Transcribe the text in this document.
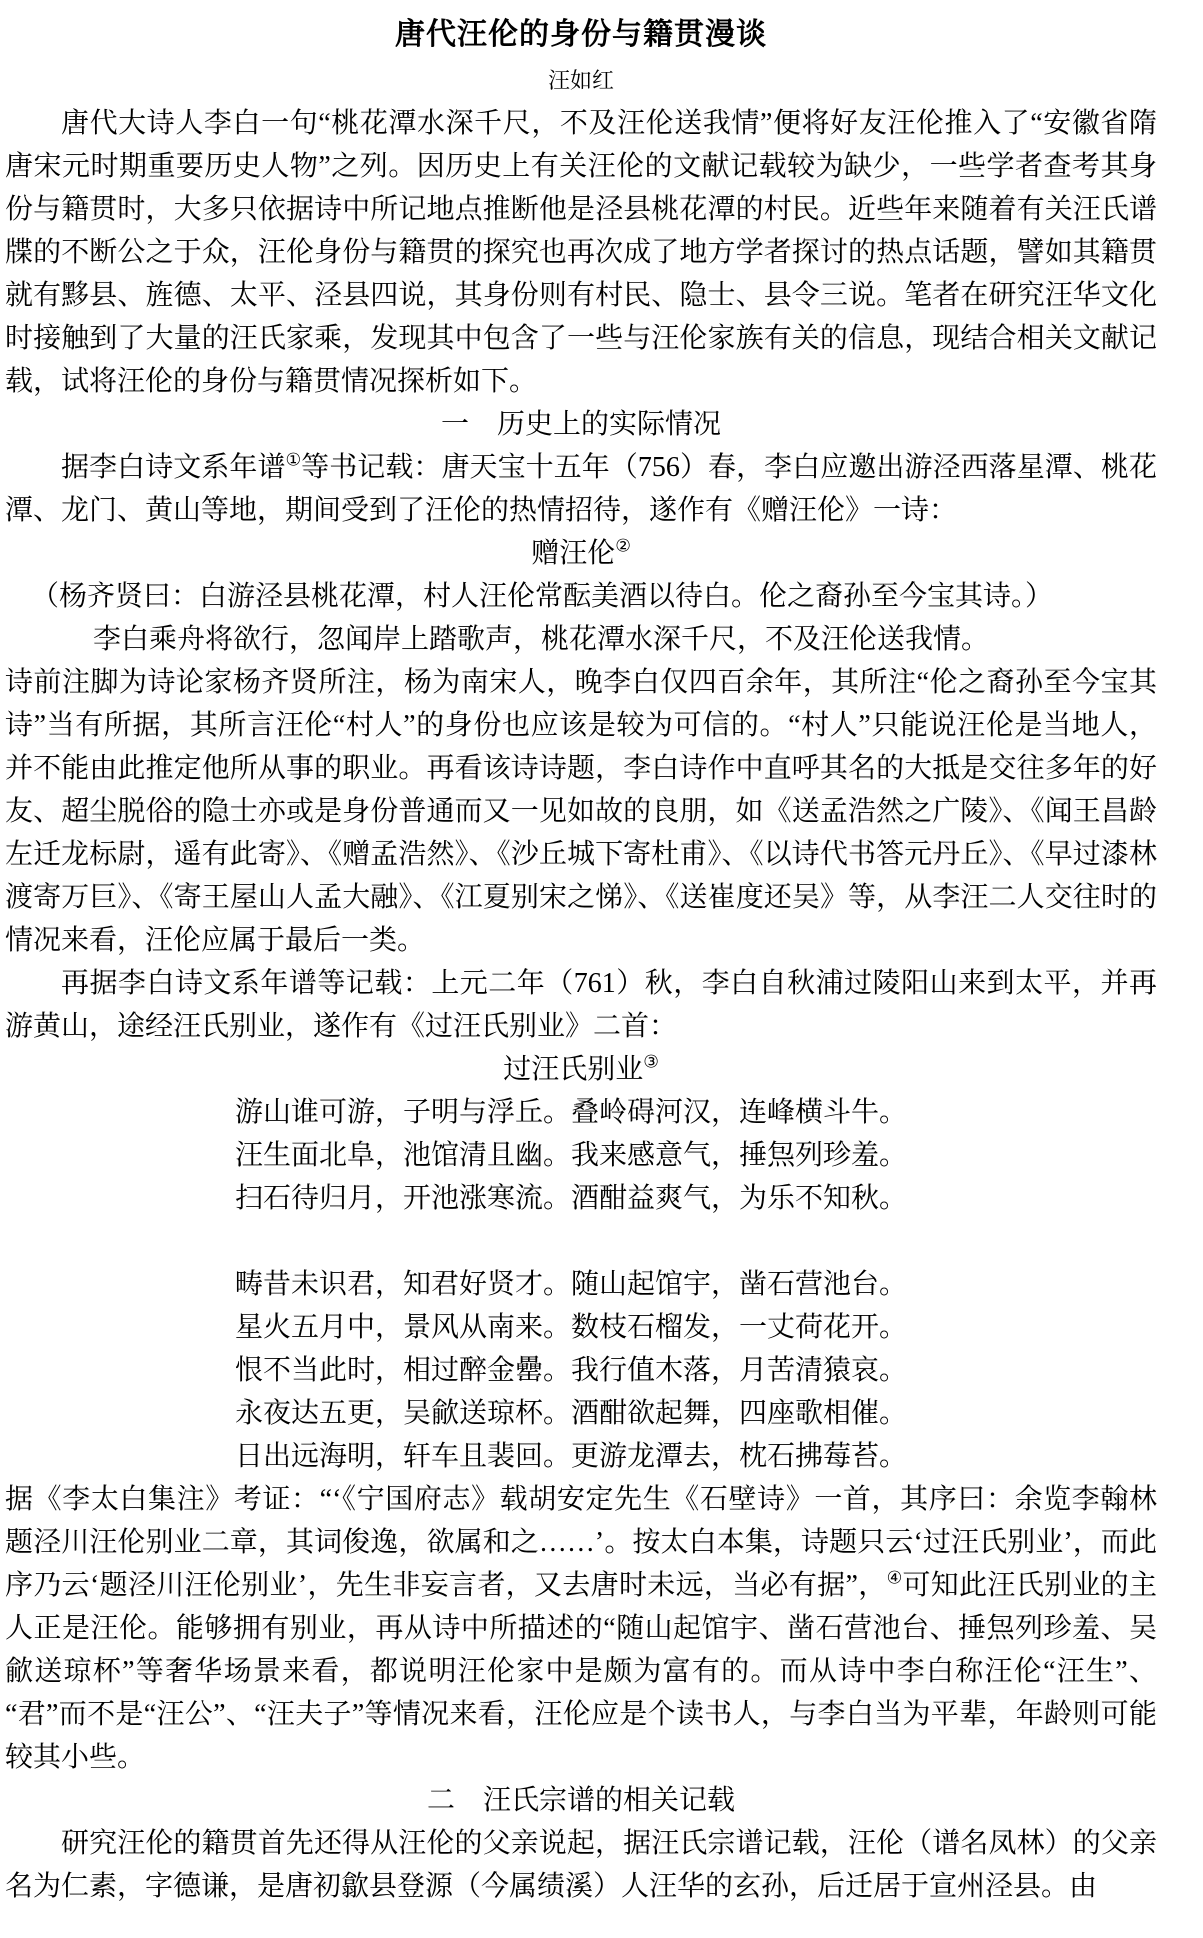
唐代汪伦的身份与籍贯漫谈
汪如红
唐代大诗人李白一句“桃花潭水深千尺，不及汪伦送我情”便将好友汪伦推入了“安徽省隋唐宋元时期重要历史人物”之列。因历史上有关汪伦的文献记载较为缺少，一些学者查考其身份与籍贯时，大多只依据诗中所记地点推断他是泾县桃花潭的村民。近些年来随着有关汪氏谱牒的不断公之于众，汪伦身份与籍贯的探究也再次成了地方学者探讨的热点话题，譬如其籍贯就有黟县、旌德、太平、泾县四说，其身份则有村民、隐士、县令三说。笔者在研究汪华文化时接触到了大量的汪氏家乘，发现其中包含了一些与汪伦家族有关的信息，现结合相关文献记载，试将汪伦的身份与籍贯情况探析如下。
一　历史上的实际情况
据李白诗文系年谱①等书记载：唐天宝十五年（756）春，李白应邀出游泾西落星潭、桃花潭、龙门、黄山等地，期间受到了汪伦的热情招待，遂作有《赠汪伦》一诗：
赠汪伦②
（杨齐贤曰：白游泾县桃花潭，村人汪伦常酝美酒以待白。伦之裔孙至今宝其诗。）
李白乘舟将欲行，忽闻岸上踏歌声，桃花潭水深千尺，不及汪伦送我情。
诗前注脚为诗论家杨齐贤所注，杨为南宋人，晚李白仅四百余年，其所注“伦之裔孙至今宝其诗”当有所据，其所言汪伦“村人”的身份也应该是较为可信的。“村人”只能说汪伦是当地人，并不能由此推定他所从事的职业。再看该诗诗题，李白诗作中直呼其名的大抵是交往多年的好友、超尘脱俗的隐士亦或是身份普通而又一见如故的良朋，如《送孟浩然之广陵》、《闻王昌龄左迁龙标尉，遥有此寄》、《赠孟浩然》、《沙丘城下寄杜甫》、《以诗代书答元丹丘》、《早过漆林渡寄万巨》、《寄王屋山人孟大融》、《江夏别宋之悌》、《送崔度还吴》等，从李汪二人交往时的情况来看，汪伦应属于最后一类。
再据李白诗文系年谱等记载：上元二年（761）秋，李白自秋浦过陵阳山来到太平，并再游黄山，途经汪氏别业，遂作有《过汪氏别业》二首：
过汪氏别业③
游山谁可游，子明与浮丘。叠岭碍河汉，连峰横斗牛。
汪生面北阜，池馆清且幽。我来感意气，捶炰列珍羞。
扫石待归月，开池涨寒流。酒酣益爽气，为乐不知秋。
畴昔未识君，知君好贤才。随山起馆宇，凿石营池台。
星火五月中，景风从南来。数枝石榴发，一丈荷花开。
恨不当此时，相过醉金罍。我行值木落，月苦清猿哀。
永夜达五更，吴歈送琼杯。酒酣欲起舞，四座歌相催。
日出远海明，轩车且裴回。更游龙潭去，枕石拂莓苔。
据《李太白集注》考证：“‘《宁国府志》载胡安定先生《石壁诗》一首，其序曰：余览李翰林题泾川汪伦别业二章，其词俊逸，欲属和之……’。按太白本集，诗题只云‘过汪氏别业’，而此序乃云‘题泾川汪伦别业’，先生非妄言者，又去唐时未远，当必有据”，④可知此汪氏别业的主人正是汪伦。能够拥有别业，再从诗中所描述的“随山起馆宇、凿石营池台、捶炰列珍羞、吴歈送琼杯”等奢华场景来看，都说明汪伦家中是颇为富有的。而从诗中李白称汪伦“汪生”、“君”而不是“汪公”、“汪夫子”等情况来看，汪伦应是个读书人，与李白当为平辈，年龄则可能较其小些。
二　汪氏宗谱的相关记载
研究汪伦的籍贯首先还得从汪伦的父亲说起，据汪氏宗谱记载，汪伦（谱名凤林）的父亲名为仁素，字德谦，是唐初歙县登源（今属绩溪）人汪华的玄孙，后迁居于宣州泾县。由
